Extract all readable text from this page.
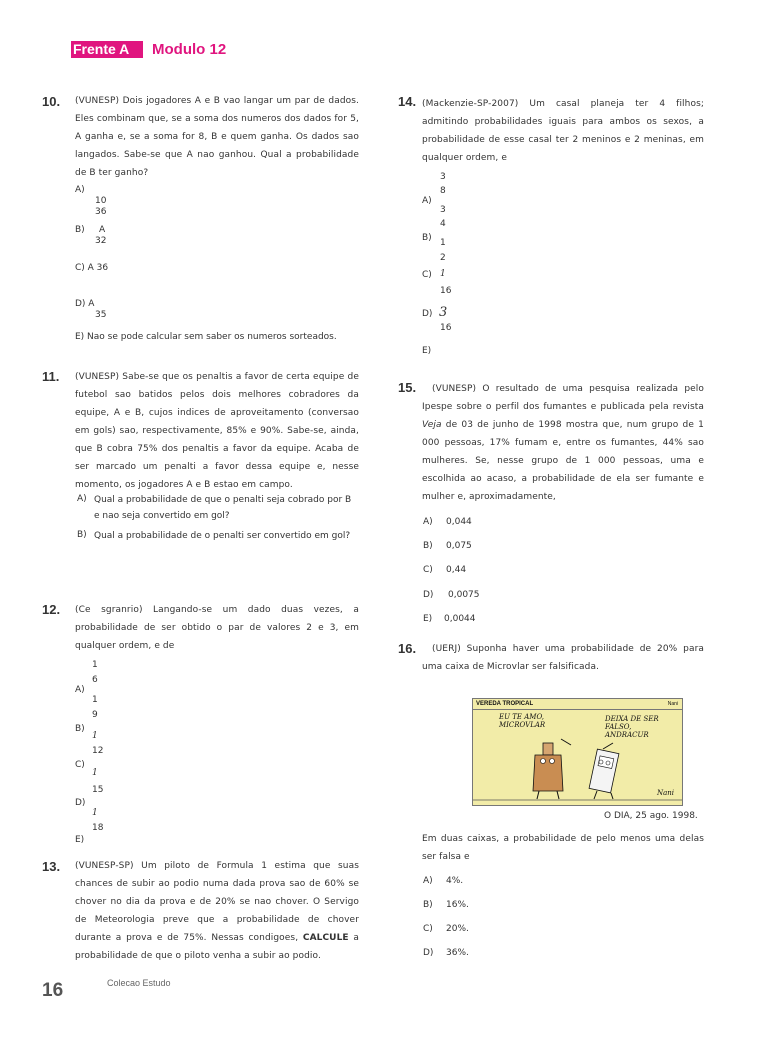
Frente A	Modulo 12
10. (VUNESP) Dois jogadores A e B vao langar um par de dados. Eles combinam que, se a soma dos numeros dos dados for 5, A ganha e, se a soma for 8, B e quem ganha. Os dados sao langados. Sabe-se que A nao ganhou. Qual a probabilidade de B ter ganho?
A)
10
36
B) A
32
C) A 36
D) A
35
E) Nao se pode calcular sem saber os numeros sorteados.
11. (VUNESP) Sabe-se que os penaltis a favor de certa equipe de futebol sao batidos pelos dois melhores cobradores da equipe, A e B, cujos indices de aproveitamento (conversao em gols) sao, respectivamente, 85% e 90%. Sabe-se, ainda, que B cobra 75% dos penaltis a favor da equipe. Acaba de ser marcado um penalti a favor dessa equipe e, nesse momento, os jogadores A e B estao em campo.
A) Qual a probabilidade de que o penalti seja cobrado por B e nao seja convertido em gol?
B) Qual a probabilidade de o penalti ser convertido em gol?
12. (Ce sgranrio) Langando-se um dado duas vezes, a probabilidade de ser obtido o par de valores 2 e 3, em qualquer ordem, e de
1
6
A)
1
9
B)
1
12
C)
1
15
D)
1
18
E)
13. (VUNESP-SP) Um piloto de Formula 1 estima que suas chances de subir ao podio numa dada prova sao de 60% se chover no dia da prova e de 20% se nao chover. O Servigo de Meteorologia preve que a probabilidade de chover durante a prova e de 75%. Nessas condigoes, CALCULE a probabilidade de que o piloto venha a subir ao podio.
14. (Mackenzie-SP-2007) Um casal planeja ter 4 filhos; admitindo probabilidades iguais para ambos os sexos, a probabilidade de esse casal ter 2 meninos e 2 meninas, em qualquer ordem, e
3
8
A)
3
4
B) 1
2
C) 1
16
D) 3
16
E)
15.	(VUNESP) O resultado de uma pesquisa realizada pelo Ipespe sobre o perfil dos fumantes e publicada pela revista Veja de 03 de junho de 1998 mostra que, num grupo de 1 000 pessoas, 17% fumam e, entre os fumantes, 44% sao mulheres. Se, nesse grupo de 1 000 pessoas, uma e escolhida ao acaso, a probabilidade de ela ser fumante e mulher e, aproximadamente,
A) 0,044
B) 0,075
C) 0,44
D) 0,0075
E) 0,0044
16.	(UERJ) Suponha haver uma probabilidade de 20% para uma caixa de Microvlar ser falsificada.
VEREDA TROPICAL	Nani
EU TE AMO, MICROVLAR
DEIXA DE SER FALSO, ANDRACUR
Nani
O DIA, 25 ago. 1998.
Em duas caixas, a probabilidade de pelo menos uma delas ser falsa e
A) 4%.
B) 16%.
C) 20%.
D) 36%.
16	Colecao Estudo
